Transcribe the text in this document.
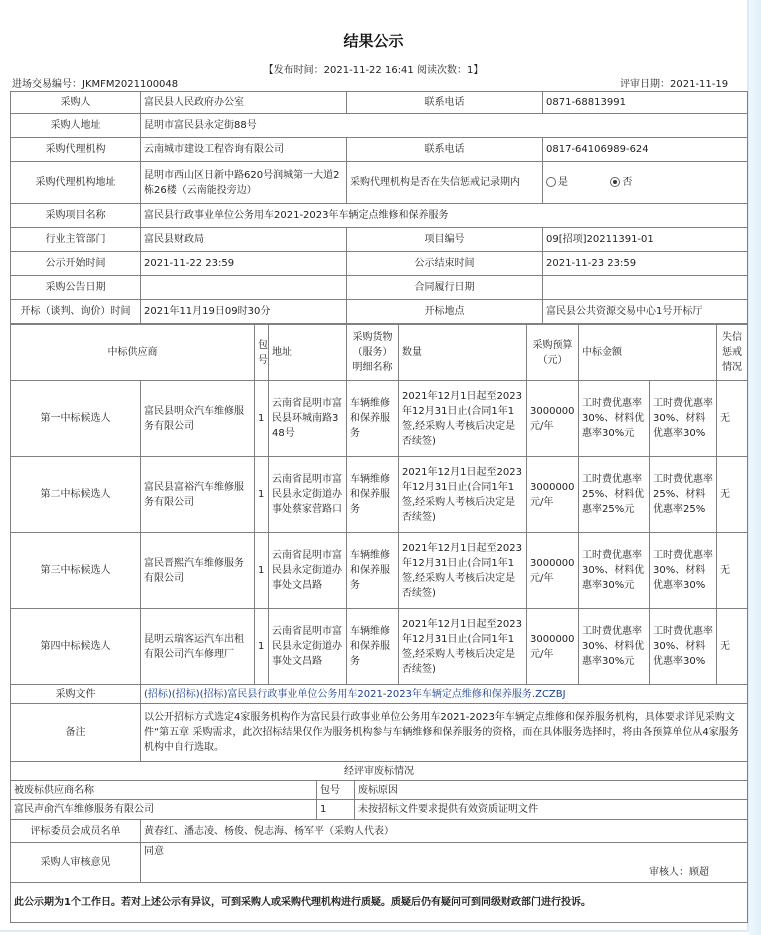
结果公示
【发布时间：2021-11-22 16:41 阅读次数：1】
进场交易编号：JKMFM2021100048	评审日期：2021-11-19
采购人	富民县人民政府办公室	联系电话	0871-68813991
采购人地址	昆明市富民县永定街88号		
采购代理机构	云南城市建设工程咨询有限公司	联系电话	0817-64106989-624
采购代理机构地址	昆明市西山区日新中路620号润城第一大道2栋26楼（云南能投旁边）	采购代理机构是否在失信惩戒记录期内	是 否
采购项目名称	富民县行政事业单位公务用车2021-2023年车辆定点维修和保养服务		
行业主管部门	富民县财政局	项目编号	09[招项]20211391-01
公示开始时间	2021-11-22 23:59	公示结束时间	2021-11-23 23:59
采购公告日期		合同履行日期	
开标（谈判、询价）时间	2021年11月19日09时30分	开标地点	富民县公共资源交易中心1号开标厅
中标供应商		包号	地址	采购货物（服务）明细名称	数量	采购预算（元）	中标金额		失信惩戒情况
第一中标候选人	富民县明众汽车维修服务有限公司	1	云南省昆明市富民县环城南路348号	车辆维修和保养服务	2021年12月1日起至2023年12月31日止(合同1年1签,经采购人考核后决定是否续签)	3000000元/年	工时费优惠率30%、材料优惠率30%元	工时费优惠率30%、材料优惠率30%	无
第二中标候选人	富民县富裕汽车维修服务有限公司	1	云南省昆明市富民县永定街道办事处蔡家营路口	车辆维修和保养服务	2021年12月1日起至2023年12月31日止(合同1年1签,经采购人考核后决定是否续签)	3000000元/年	工时费优惠率25%、材料优惠率25%元	工时费优惠率25%、材料优惠率25%	无
第三中标候选人	富民晋熙汽车维修服务有限公司	1	云南省昆明市富民县永定街道办事处文昌路	车辆维修和保养服务	2021年12月1日起至2023年12月31日止(合同1年1签,经采购人考核后决定是否续签)	3000000元/年	工时费优惠率30%、材料优惠率30%元	工时费优惠率30%、材料优惠率30%	无
第四中标候选人	昆明云瑞客运汽车出租有限公司汽车修理厂	1	云南省昆明市富民县永定街道办事处文昌路	车辆维修和保养服务	2021年12月1日起至2023年12月31日止(合同1年1签,经采购人考核后决定是否续签)	3000000元/年	工时费优惠率30%、材料优惠率30%元	工时费优惠率30%、材料优惠率30%	无
采购文件	(招标)(招标)(招标)富民县行政事业单位公务用车2021-2023年车辆定点维修和保养服务.ZCZBJ		
备注	以公开招标方式选定4家服务机构作为富民县行政事业单位公务用车2021-2023年车辆定点维修和保养服务机构，具体要求详见采购文件“第五章 采购需求，此次招标结果仅作为服务机构参与车辆维修和保养服务的资格，而在具体服务选择时，将由各预算单位从4家服务机构中自行选取。		
经评审废标情况			
被废标供应商名称		包号	废标原因
富民声俞汽车维修服务有限公司		1	未按招标文件要求提供有效资质证明文件
评标委员会成员名单	黄春红、潘志凌、杨俊、倪志海、杨军平（采购人代表）		
采购人审核意见	同意
审核人：顾超		

此公示期为1个工作日。若对上述公示有异议，可到采购人或采购代理机构进行质疑。质疑后仍有疑问可到同级财政部门进行投诉。			
